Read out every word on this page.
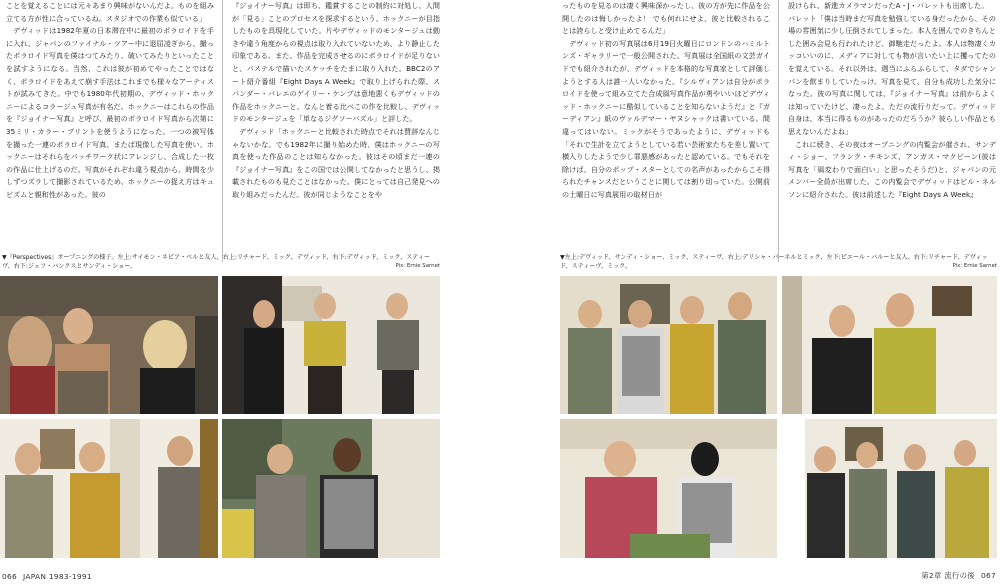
ことを覚えることには元々あまり興味がないんだよ。ものを組み立てる方が性に合っているね。スタジオでの作業も似ている」

デヴィッドは1982年夏の日本滞在中に最初のポラロイドを手に入れ、ジャパンのファイナル・ツアー中に退屈凌ぎから、撮ったポラロイド写真を僕はつてみたり、破いてみたりといったことを試すようになる。当然、これは彼が初めてやったことではなく、ポラロイドをあえて崩す手法はこれまでも様々なアーティストが試みてきた。中でも1980年代初期の、デヴィッド・ホックニーによるコラージュ写真が有名だ。ホックニーはこれらの作品を『ジョイナー写真』と呼び、最初のポラロイド写真から次第に35ミリ・カラー・プリントを使うようになった。一つの被写体を撮った一連のポラロイド写真、またば現像した写真を使い、ホックニーはそれらをパッチワーク状にアレンジし、合成した一枚の作品に仕上げるのだ。写真がそれぞれ違う視点から、時間を少しずつズラして撮影されているため、ホックニーの捉え方はキュビズムと親和性があった。彼の

『ジョイナー写真』は即ち、鑑賞することの制約に対処し、人間が「見る」ことのプロセスを探求するという、ホックニーが目指したものを具現化していた。片やデヴィッドのモンタージュは動きや違う角度からの視点は取り入れていないため、より静止した印象である。また、作品を完成させるのにポラロイドが足りないと、パステルで描いたスケッチをたまに取り入れた。BBC2のアート紹介番組『Eight Days A Week』で取り上げられた際、スパンダー・バレエのゲイリー・ケンプは意地悪くもデヴィッドの作品をホックニーと、なんと着る比べこの作を比較し、デヴィッドのモンタージュを「単なるジグソーパズル」と評した。

デヴィッド「ホックニーと比較された時点でそれは賛辞なんじゃないかな。でも1982年に撮り始めた時、僕はホックニーの写真を使った作品のことは知らなかった。彼はその頃まだ一連の『ジョイナー写真』をこの国では公開してなかったと思うし、掲載されたものも見たことはなかった。僕にとっては自己発見への取り組みだったんだ。彼が同じようなことをや

▼『Perspectives』オープニングの様子。左上:サイモン・ネピア・ベルと友人、右上:リチャード、ミック、デヴィッド、右下:デヴィッド、ミック、スティーヴ、右下:ジェフ・バンクスとサンディ・ショー。	Pix: Ernie Sarnet
066 JAPAN 1983-1991

ったものを見るのは凄く興味深かったし、彼の方が先に作品を公開したのは悔しかったよ！ でも何れにせよ、彼と比較されることは誇らしと受け止めてるんだ」

デヴィッド初の写真展は6月19日火曜日にロンドンのハミルトンズ・ギャラリーで一般公開された。写真展は全国紙の文芸ガイドでも紹介されたが、デヴィッドを本格的な写真家として評価しようとする人は誰一人いなかった。『シルヴィアンは自分がポラロイドを使って組み立てた合成風写真作品が勇やいいほどデヴィッド・ホックニーに酷似していることを知らないようだ』と『ガーディアン』紙のヴァルデマー・ヤヌシャックは書いている。間違ってはいない。ミックがそうであったように、デヴィッドも「それで生計を立てようとしている若い芸術家たちを差し置いて横入りしたようで少し罪悪感があったと認めている。でもそれを除けば、自分のポップ・スターとしての名声があったからこそ得られたチャンスだということに関しては割り切っていた。公開前の土曜日に写真展用の取材日が

設けられ、新進カメラマンだったA・J・バレットも出席した。

バレット「僕は当時まだ写真を勉強している身だったから、その場の雰囲気に少し圧倒されてしまった。本人を囲んでのきちんとした囲み会見も行われたけど、御馳走だったよ。本人は物凄くカッコいいのに、メディアに対しても物が言いたい上に攫ってたのを覚えている。それ以外は、週当にふらふらして、タダでシャンパンを飲まりしていたっけ。写真を見て、自分も成功した気分になった。彼の写真に関しては、『ジョイナー写真』は前からよくは知っていたけど、凄ったよ。ただの流行りだって。デヴィッド自身は、本当に得るものがあったのだろうか？彼らしい作品とも思えないんだよね」

これに続き、その夜はオープニングの内覧会が催され、サンディ・ショー、フランク・チキンズ、アンガス・マクビーン(彼は写真を「風変わりで面白い」と思ったそうだ)と、ジャパンの元メンバー全員が出席した。この内覧会でデヴィッドはビル・ネルソンに紹介された。彼は前述した『Eight Days A Week』

▼左上:デヴィッド、サンディ・ショー、ミック、スティーヴ、右上:デリシャ・バーネルとミック、左下:ピエール・バルーと友人、右下:リチャード、デヴィッド、スティーヴ、ミック。	Pix: Ernie Sarnet
第2章 流行の後 067
